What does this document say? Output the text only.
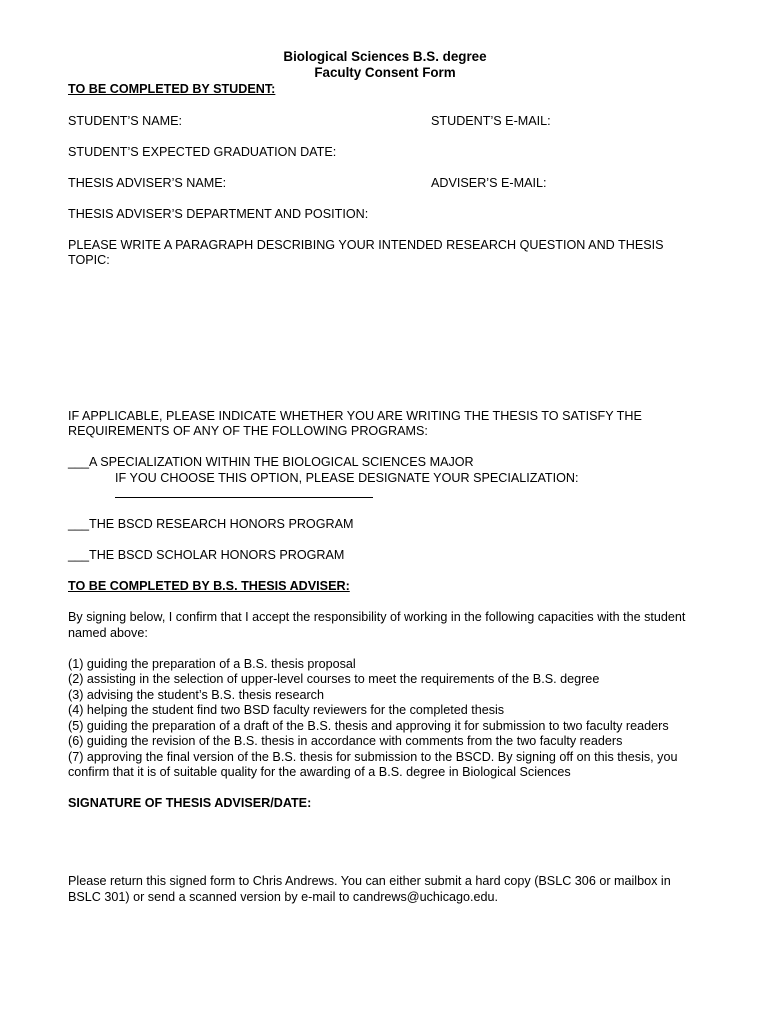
Biological Sciences B.S. degree
Faculty Consent Form
TO BE COMPLETED BY STUDENT:
STUDENT’S NAME:	STUDENT’S E-MAIL:
STUDENT’S EXPECTED GRADUATION DATE:
THESIS ADVISER’S NAME:	ADVISER’S E-MAIL:
THESIS ADVISER’S DEPARTMENT AND POSITION:
PLEASE WRITE A PARAGRAPH DESCRIBING YOUR INTENDED RESEARCH QUESTION AND THESIS
TOPIC:
IF APPLICABLE, PLEASE INDICATE WHETHER YOU ARE WRITING THE THESIS TO SATISFY THE
REQUIREMENTS OF ANY OF THE FOLLOWING PROGRAMS:
___A SPECIALIZATION WITHIN THE BIOLOGICAL SCIENCES MAJOR
IF YOU CHOOSE THIS OPTION, PLEASE DESIGNATE YOUR SPECIALIZATION:
___THE BSCD RESEARCH HONORS PROGRAM
___THE BSCD SCHOLAR HONORS PROGRAM
TO BE COMPLETED BY B.S. THESIS ADVISER:
By signing below, I confirm that I accept the responsibility of working in the following capacities with the student
named above:
(1) guiding the preparation of a B.S. thesis proposal
(2) assisting in the selection of upper-level courses to meet the requirements of the B.S. degree
(3) advising the student’s B.S. thesis research
(4) helping the student find two BSD faculty reviewers for the completed thesis
(5) guiding the preparation of a draft of the B.S. thesis and approving it for submission to two faculty readers
(6) guiding the revision of the B.S. thesis in accordance with comments from the two faculty readers
(7) approving the final version of the B.S. thesis for submission to the BSCD. By signing off on this thesis, you
confirm that it is of suitable quality for the awarding of a B.S. degree in Biological Sciences
SIGNATURE OF THESIS ADVISER/DATE:
Please return this signed form to Chris Andrews. You can either submit a hard copy (BSLC 306 or mailbox in
BSLC 301) or send a scanned version by e-mail to candrews@uchicago.edu.
